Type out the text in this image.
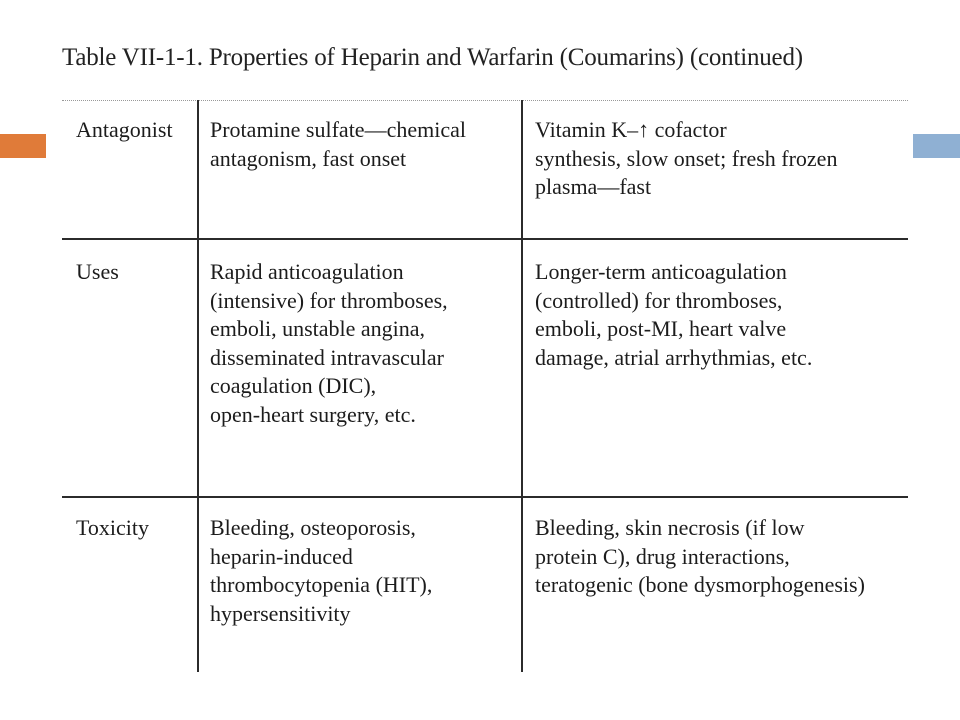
Table VII-1-1. Properties of Heparin and Warfarin (Coumarins) (continued)
Antagonist Protamine sulfate—chemical
antagonism, fast onset
Vitamin K–↑ cofactor
synthesis, slow onset; fresh frozen
plasma—fast
Uses	Rapid anticoagulation
(intensive) for thromboses,
emboli, unstable angina,
disseminated intravascular
coagulation (DIC),
open-heart surgery, etc.
Longer-term anticoagulation
(controlled) for thromboses,
emboli, post-MI, heart valve
damage, atrial arrhythmias, etc.
Toxicity	Bleeding, osteoporosis,
heparin-induced
thrombocytopenia (HIT),
hypersensitivity
Bleeding, skin necrosis (if low
protein C), drug interactions,
teratogenic (bone dysmorphogenesis)
